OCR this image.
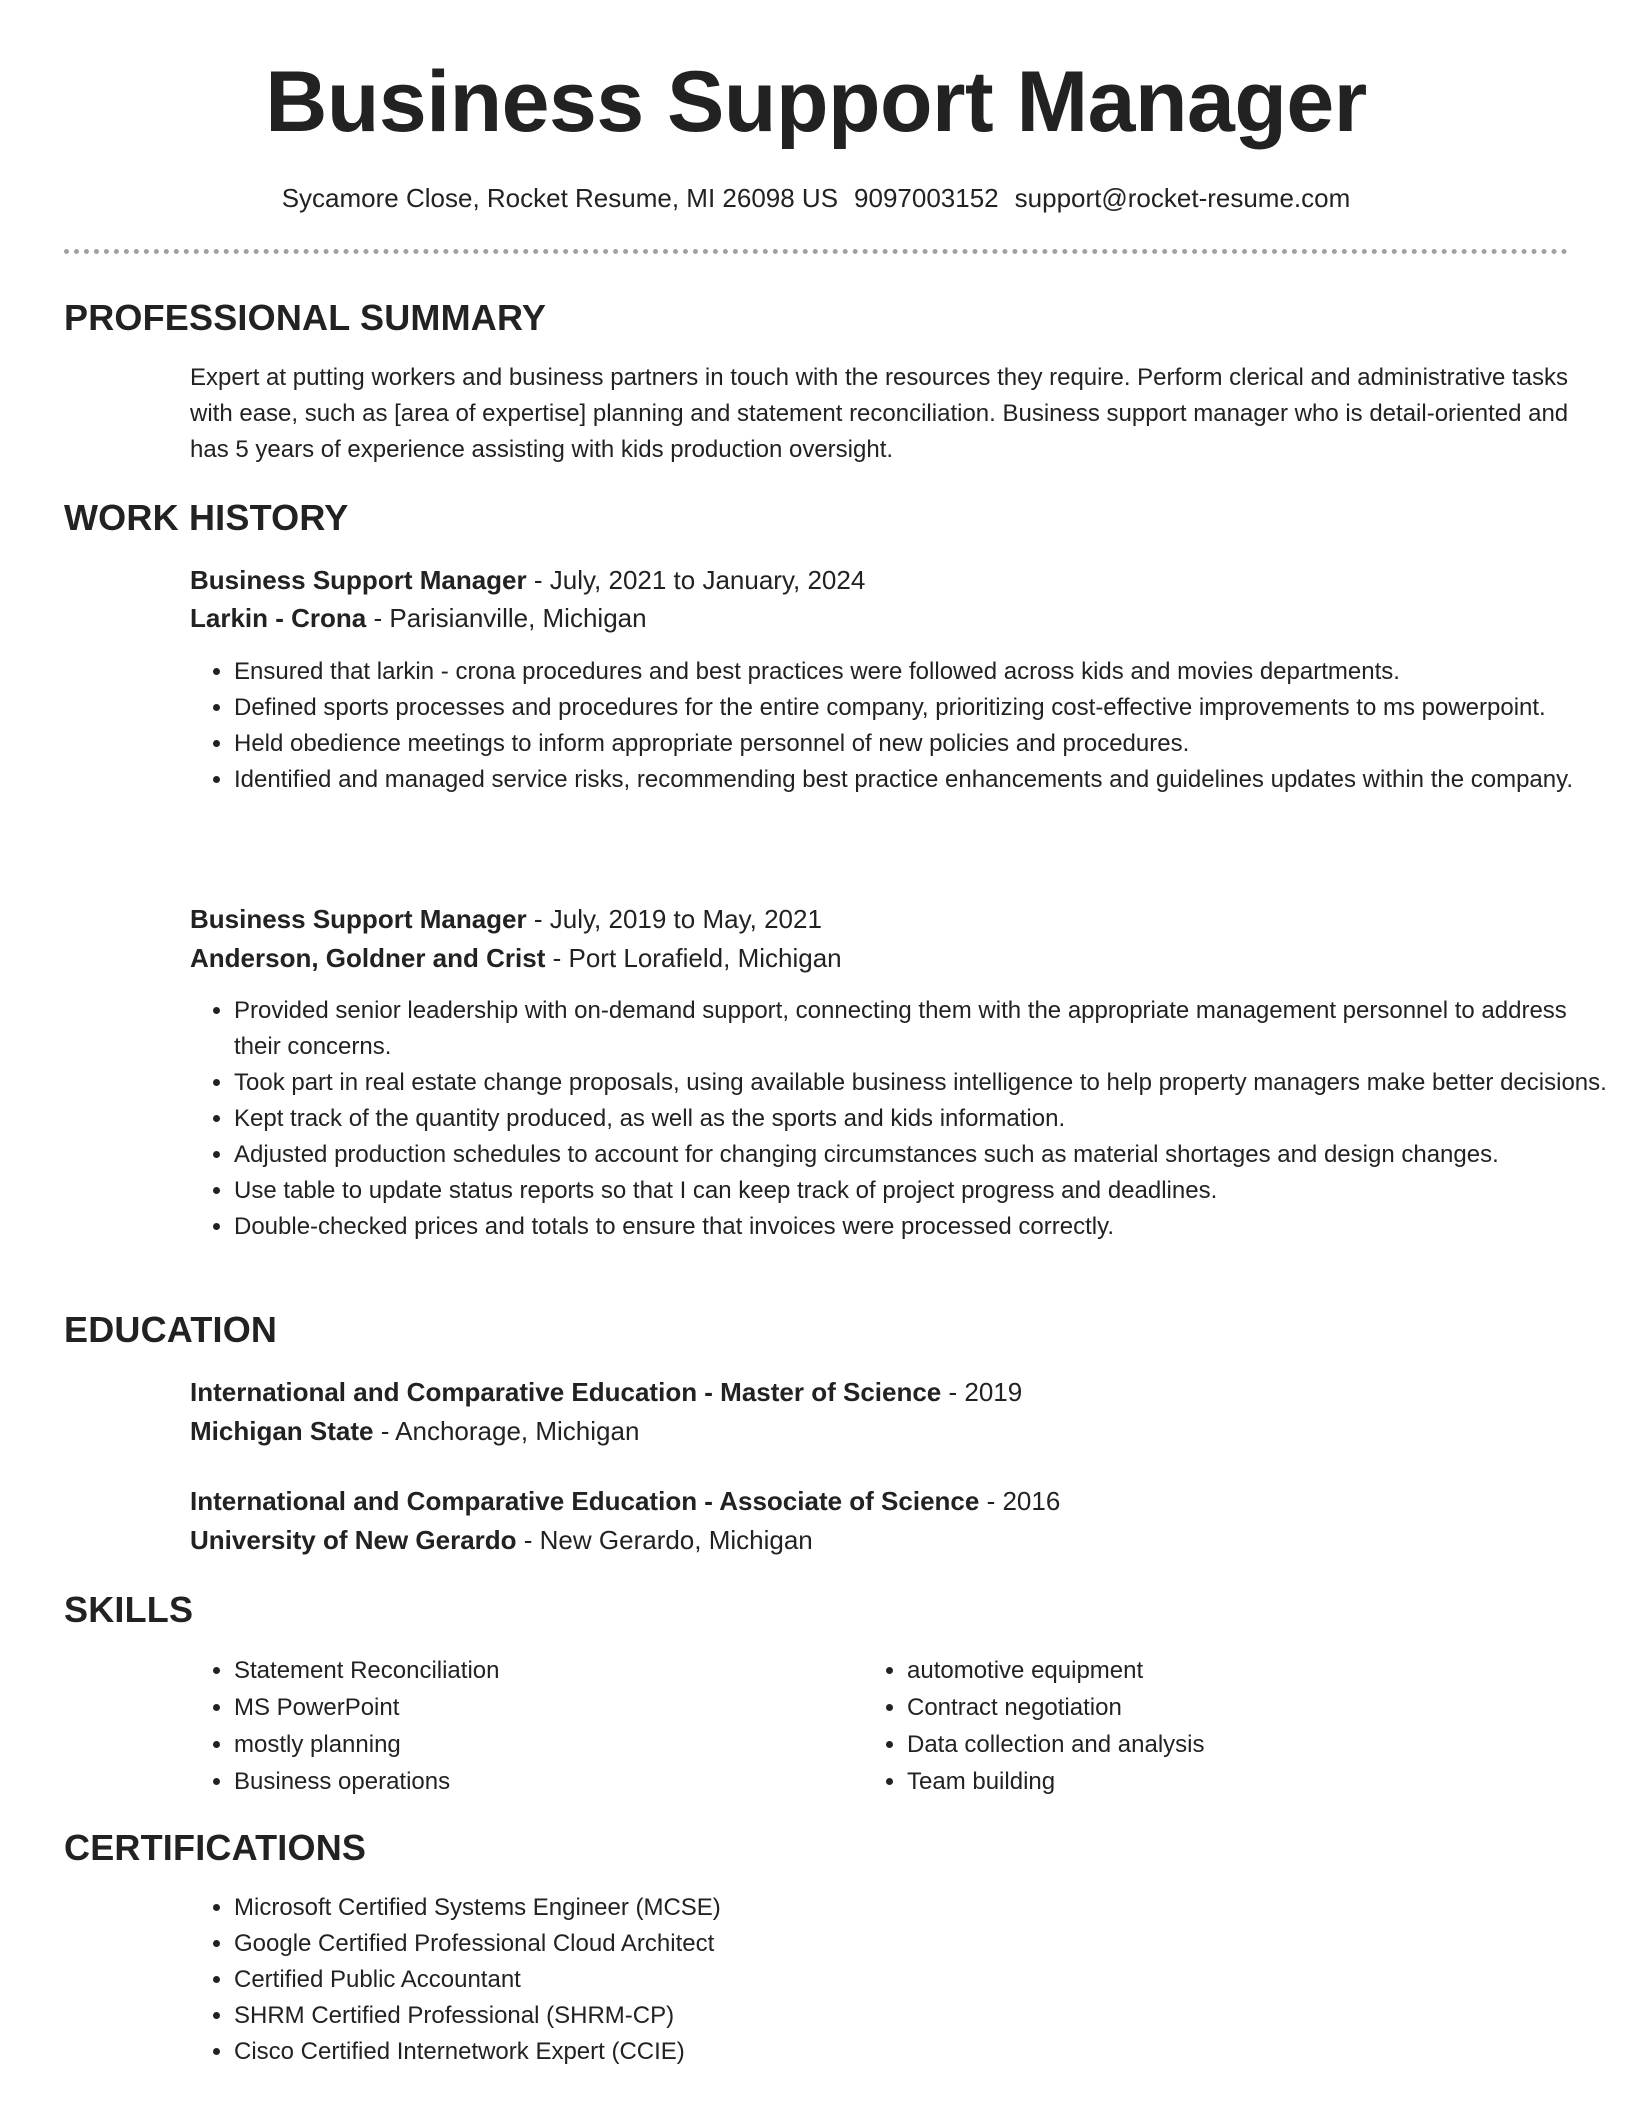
Business Support Manager
Sycamore Close, Rocket Resume, MI 26098 US 9097003152 support@rocket-resume.com
PROFESSIONAL SUMMARY
Expert at putting workers and business partners in touch with the resources they require. Perform clerical and administrative tasks with ease, such as [area of expertise] planning and statement reconciliation. Business support manager who is detail-oriented and has 5 years of experience assisting with kids production oversight.
WORK HISTORY
Business Support Manager - July, 2021 to January, 2024
Larkin - Crona - Parisianville, Michigan
• Ensured that larkin - crona procedures and best practices were followed across kids and movies departments.
• Defined sports processes and procedures for the entire company, prioritizing cost-effective improvements to ms powerpoint.
• Held obedience meetings to inform appropriate personnel of new policies and procedures.
• Identified and managed service risks, recommending best practice enhancements and guidelines updates within the company.
Business Support Manager - July, 2019 to May, 2021
Anderson, Goldner and Crist - Port Lorafield, Michigan
• Provided senior leadership with on-demand support, connecting them with the appropriate management personnel to address their concerns.
• Took part in real estate change proposals, using available business intelligence to help property managers make better decisions.
• Kept track of the quantity produced, as well as the sports and kids information.
• Adjusted production schedules to account for changing circumstances such as material shortages and design changes.
• Use table to update status reports so that I can keep track of project progress and deadlines.
• Double-checked prices and totals to ensure that invoices were processed correctly.
EDUCATION
International and Comparative Education - Master of Science - 2019
Michigan State - Anchorage, Michigan
International and Comparative Education - Associate of Science - 2016
University of New Gerardo - New Gerardo, Michigan
SKILLS
• Statement Reconciliation
• MS PowerPoint
• mostly planning
• Business operations
• automotive equipment
• Contract negotiation
• Data collection and analysis
• Team building
CERTIFICATIONS
• Microsoft Certified Systems Engineer (MCSE)
• Google Certified Professional Cloud Architect
• Certified Public Accountant
• SHRM Certified Professional (SHRM-CP)
• Cisco Certified Internetwork Expert (CCIE)
